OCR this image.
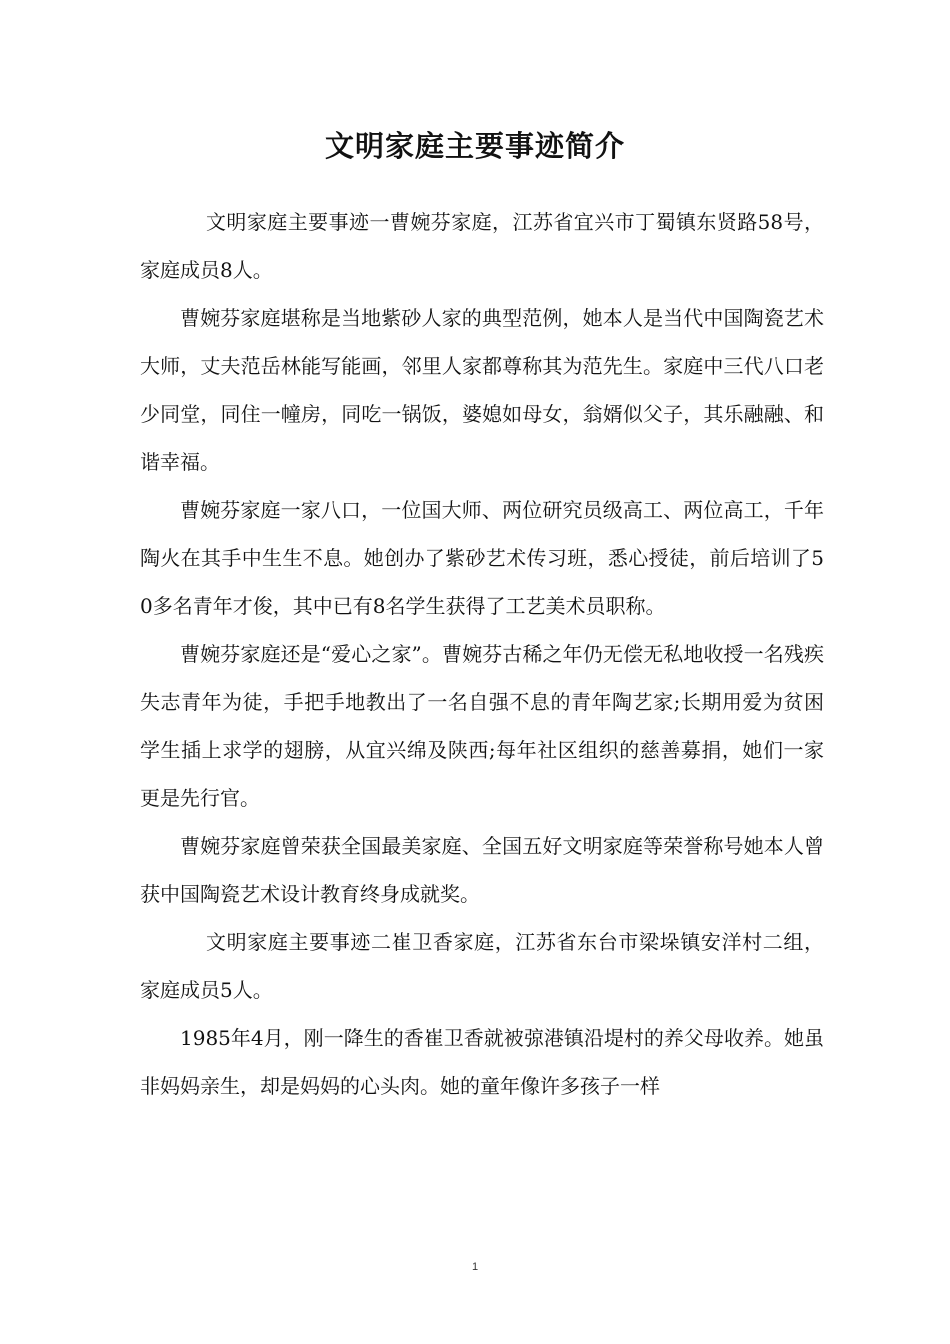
文明家庭主要事迹简介

文明家庭主要事迹一曹婉芬家庭，江苏省宜兴市丁蜀镇东贤路58号，家庭成员8人。

曹婉芬家庭堪称是当地紫砂人家的典型范例，她本人是当代中国陶瓷艺术大师，丈夫范岳林能写能画，邻里人家都尊称其为范先生。家庭中三代八口老少同堂，同住一幢房，同吃一锅饭，婆媳如母女，翁婿似父子，其乐融融、和谐幸福。

曹婉芬家庭一家八口，一位国大师、两位研究员级高工、两位高工，千年陶火在其手中生生不息。她创办了紫砂艺术传习班，悉心授徒，前后培训了50多名青年才俊，其中已有8名学生获得了工艺美术员职称。

曹婉芬家庭还是“爱心之家”。曹婉芬古稀之年仍无偿无私地收授一名残疾失志青年为徒，手把手地教出了一名自强不息的青年陶艺家;长期用爱为贫困学生插上求学的翅膀，从宜兴绵及陕西;每年社区组织的慈善募捐，她们一家更是先行官。

曹婉芬家庭曾荣获全国最美家庭、全国五好文明家庭等荣誉称号她本人曾获中国陶瓷艺术设计教育终身成就奖。

文明家庭主要事迹二崔卫香家庭，江苏省东台市梁垛镇安洋村二组，家庭成员5人。

1985年4月，刚一降生的香崔卫香就被弶港镇沿堤村的养父母收养。她虽非妈妈亲生，却是妈妈的心头肉。她的童年像许多孩子一样

1
